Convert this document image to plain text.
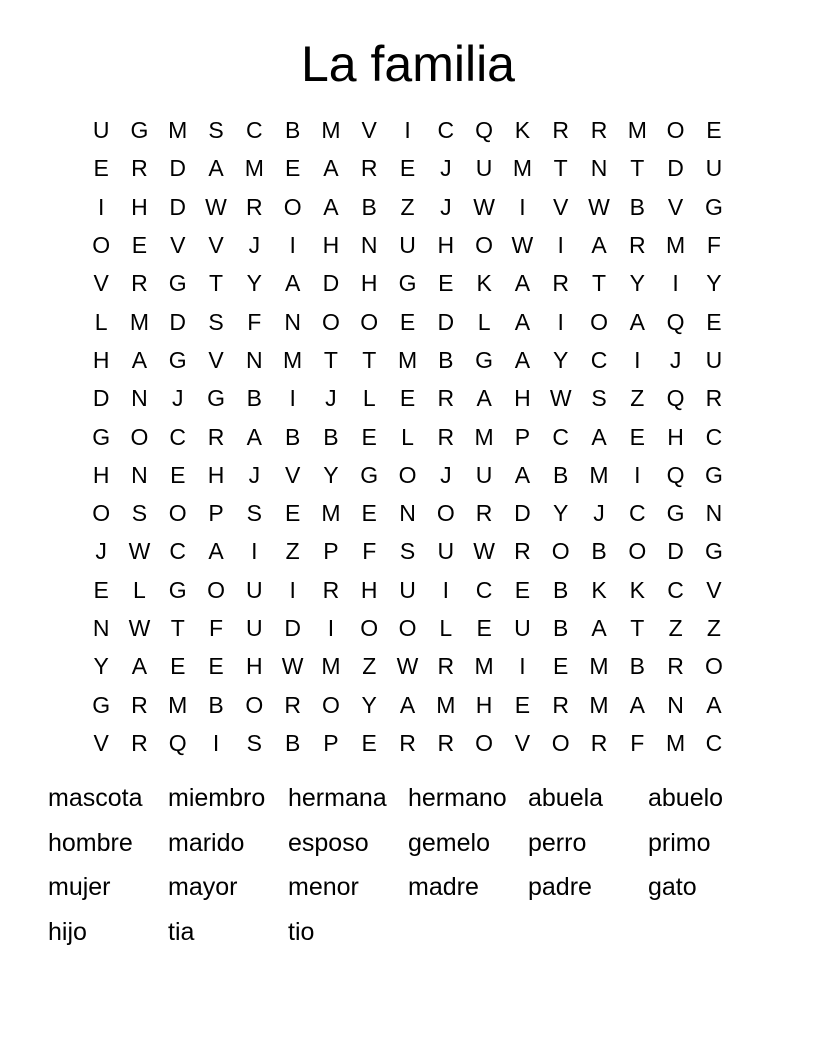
La familia
U G M S C B M V	I	C Q K R R M O E
E R D A M E A R E	J	U M T N T D U
I	H D W R O A B	Z	J W	I	V W B V G
O E V V	J	I	H N U H O W	I	A R M F
V R G T	Y A D H G E K A R T	Y	I	Y
L M D S	F N O O E D	L	A	I	O A Q E
H A G V N M T	T M B G A Y C	I	J	U
D N	J	G B	I	J	L	E R A H W S	Z Q R
G O C R A B B E	L	R M P C A E H C
H N E H	J	V Y G O	J	U A B M	I	Q G
O S O P S E M E N O R D Y	J	C G N
J W C A	I	Z	P	F	S U W R O B O D G
E	L G O U	I	R H U	I	C E B K K C V
N W T	F U D	I	O O L	E U B A	T	Z	Z
Y A E E H W M Z W R M	I	E M B R O
G R M B O R O Y A M H E R M A N A
V R Q	I	S B P E R R O V O R F M C
mascota	miembro hermana hermano abuela	abuelo
hombre	marido	esposo	gemelo	perro	primo
mujer	mayor	menor	madre	padre	gato
hijo	tia	tio
